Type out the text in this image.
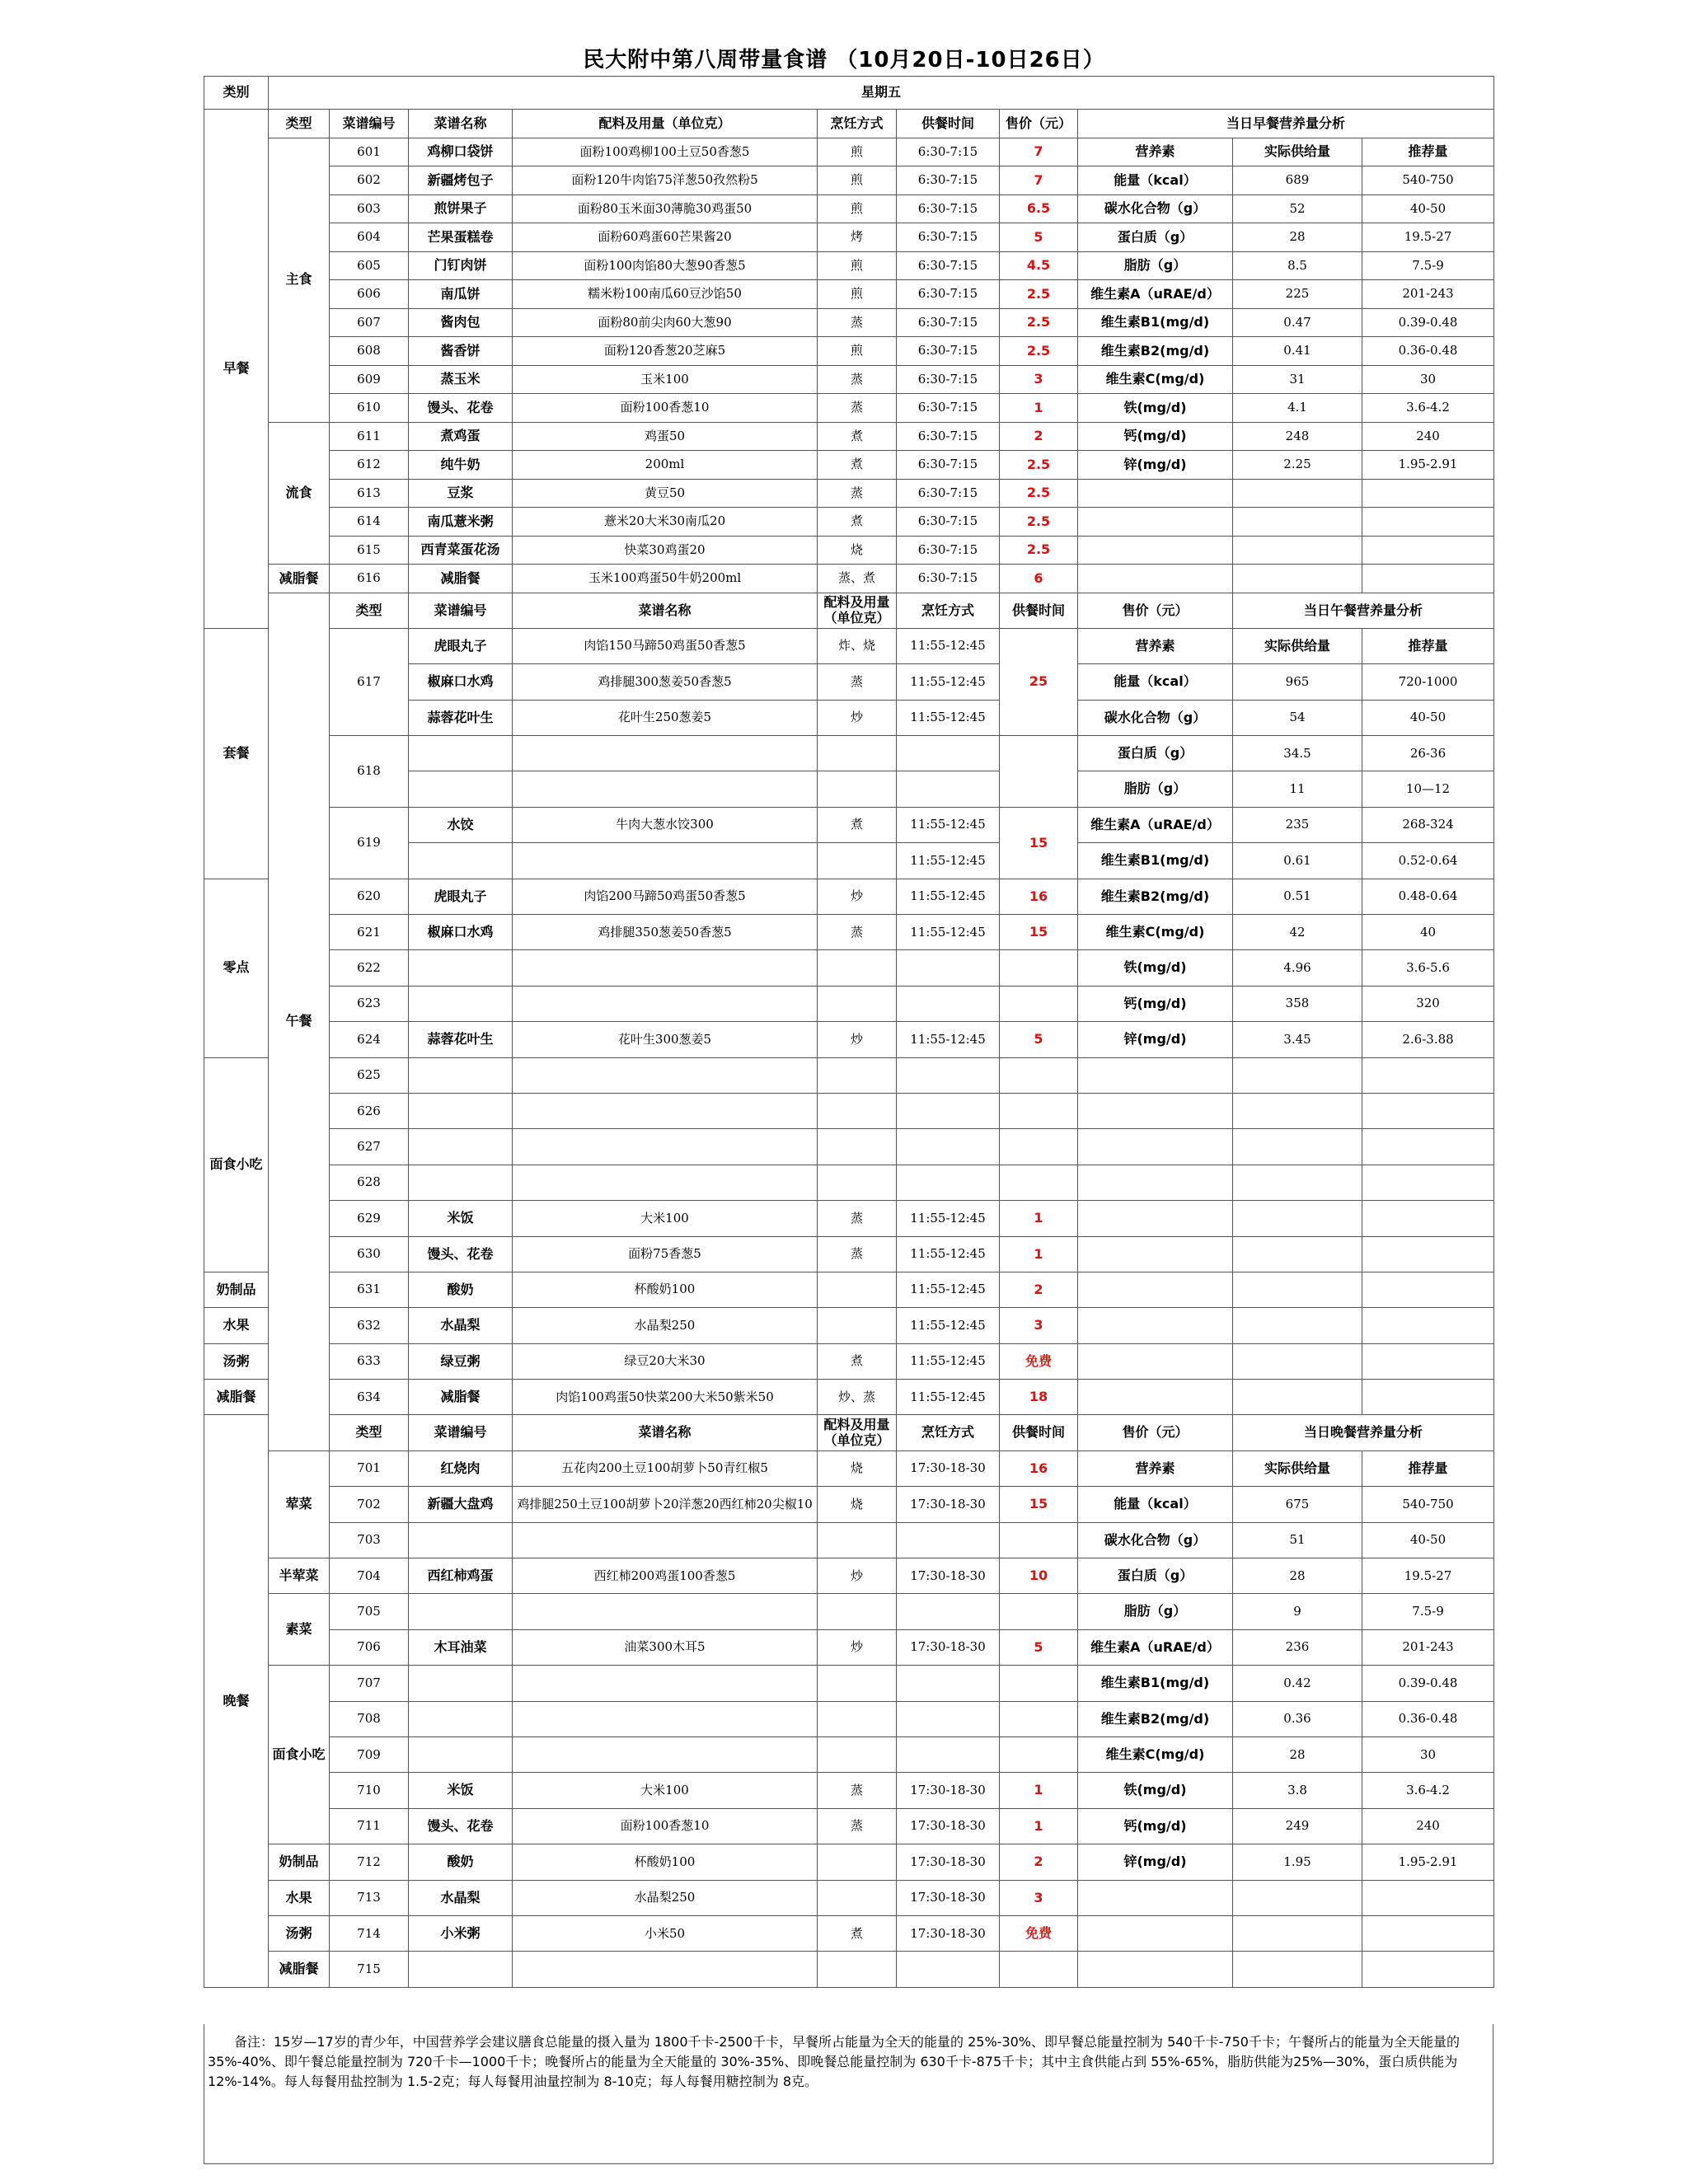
民大附中第八周带量食谱 （10月20日-10日26日）
类别	星期五									
早餐	类型	菜谱编号	菜谱名称	配料及用量（单位克）	烹饪方式	供餐时间	售价（元）	当日早餐营养量分析		
	主食	601	鸡柳口袋饼	面粉100鸡柳100土豆50香葱5	煎	6:30-7:15	7	营养素	实际供给量	推荐量
		602	新疆烤包子	面粉120牛肉馅75洋葱50孜然粉5	煎	6:30-7:15	7	能量（kcal）	689	540-750
		603	煎饼果子	面粉80玉米面30薄脆30鸡蛋50	煎	6:30-7:15	6.5	碳水化合物（g）	52	40-50
		604	芒果蛋糕卷	面粉60鸡蛋60芒果酱20	烤	6:30-7:15	5	蛋白质（g）	28	19.5-27
		605	门钉肉饼	面粉100肉馅80大葱90香葱5	煎	6:30-7:15	4.5	脂肪（g）	8.5	7.5-9
		606	南瓜饼	糯米粉100南瓜60豆沙馅50	煎	6:30-7:15	2.5	维生素A（uRAE/d）	225	201-243
		607	酱肉包	面粉80前尖肉60大葱90	蒸	6:30-7:15	2.5	维生素B1(mg/d)	0.47	0.39-0.48
		608	酱香饼	面粉120香葱20芝麻5	煎	6:30-7:15	2.5	维生素B2(mg/d)	0.41	0.36-0.48
		609	蒸玉米	玉米100	蒸	6:30-7:15	3	维生素C(mg/d)	31	30
		610	馒头、花卷	面粉100香葱10	蒸	6:30-7:15	1	铁(mg/d)	4.1	3.6-4.2
	流食	611	煮鸡蛋	鸡蛋50	煮	6:30-7:15	2	钙(mg/d)	248	240
		612	纯牛奶	200ml	煮	6:30-7:15	2.5	锌(mg/d)	2.25	1.95-2.91
		613	豆浆	黄豆50	蒸	6:30-7:15	2.5			
		614	南瓜薏米粥	薏米20大米30南瓜20	煮	6:30-7:15	2.5			
		615	西青菜蛋花汤	快菜30鸡蛋20	烧	6:30-7:15	2.5			
	减脂餐	616	减脂餐	玉米100鸡蛋50牛奶200ml	蒸、煮	6:30-7:15	6			
	午餐	类型	菜谱编号	菜谱名称	配料及用量（单位克）	烹饪方式	供餐时间	售价（元）	当日午餐营养量分析	
套餐		617	虎眼丸子	肉馅150马蹄50鸡蛋50香葱5	炸、烧	11:55-12:45	25	营养素	实际供给量	推荐量
			椒麻口水鸡	鸡排腿300葱姜50香葱5	蒸	11:55-12:45		能量（kcal）	965	720-1000
			蒜蓉花叶生	花叶生250葱姜5	炒	11:55-12:45		碳水化合物（g）	54	40-50
		618						蛋白质（g）	34.5	26-36
								脂肪（g）	11	10—12
		619	水饺	牛肉大葱水饺300	煮	11:55-12:45	15	维生素A（uRAE/d）	235	268-324
						11:55-12:45		维生素B1(mg/d)	0.61	0.52-0.64
零点		620	虎眼丸子	肉馅200马蹄50鸡蛋50香葱5	炒	11:55-12:45	16	维生素B2(mg/d)	0.51	0.48-0.64
		621	椒麻口水鸡	鸡排腿350葱姜50香葱5	蒸	11:55-12:45	15	维生素C(mg/d)	42	40
		622						铁(mg/d)	4.96	3.6-5.6
		623						钙(mg/d)	358	320
		624	蒜蓉花叶生	花叶生300葱姜5	炒	11:55-12:45	5	锌(mg/d)	3.45	2.6-3.88
面食小吃		625								
		626								
		627								
		628								
		629	米饭	大米100	蒸	11:55-12:45	1			
		630	馒头、花卷	面粉75香葱5	蒸	11:55-12:45	1			
奶制品		631	酸奶	杯酸奶100		11:55-12:45	2			
水果		632	水晶梨	水晶梨250		11:55-12:45	3			
汤粥		633	绿豆粥	绿豆20大米30	煮	11:55-12:45	免费			
减脂餐		634	减脂餐	肉馅100鸡蛋50快菜200大米50紫米50	炒、蒸	11:55-12:45	18			
晚餐		类型	菜谱编号	菜谱名称	配料及用量（单位克）	烹饪方式	供餐时间	售价（元）	当日晚餐营养量分析	
	荤菜	701	红烧肉	五花肉200土豆100胡萝卜50青红椒5	烧	17:30-18-30	16	营养素	实际供给量	推荐量
		702	新疆大盘鸡	鸡排腿250土豆100胡萝卜20洋葱20西红柿20尖椒10	烧	17:30-18-30	15	能量（kcal）	675	540-750
		703						碳水化合物（g）	51	40-50
	半荤菜	704	西红柿鸡蛋	西红柿200鸡蛋100香葱5	炒	17:30-18-30	10	蛋白质（g）	28	19.5-27
	素菜	705						脂肪（g）	9	7.5-9
		706	木耳油菜	油菜300木耳5	炒	17:30-18-30	5	维生素A（uRAE/d）	236	201-243
	面食小吃	707						维生素B1(mg/d)	0.42	0.39-0.48
		708						维生素B2(mg/d)	0.36	0.36-0.48
		709						维生素C(mg/d)	28	30
		710	米饭	大米100	蒸	17:30-18-30	1	铁(mg/d)	3.8	3.6-4.2
		711	馒头、花卷	面粉100香葱10	蒸	17:30-18-30	1	钙(mg/d)	249	240
	奶制品	712	酸奶	杯酸奶100		17:30-18-30	2	锌(mg/d)	1.95	1.95-2.91
	水果	713	水晶梨	水晶梨250		17:30-18-30	3			
	汤粥	714	小米粥	小米50	煮	17:30-18-30	免费			
	减脂餐	715								
备注：15岁—17岁的青少年，中国营养学会建议膳食总能量的摄入量为 1800千卡-2500千卡，早餐所占能量为全天的能量的 25%-30%、即早餐总能量控制为 540千卡-750千卡；午餐所占的能量为全天能量的35%-40%、即午餐总能量控制为 720千卡—1000千卡；晚餐所占的能量为全天能量的 30%-35%、即晚餐总能量控制为 630千卡-875千卡；其中主食供能占到 55%-65%，脂肪供能为25%—30%，蛋白质供能为12%-14%。每人每餐用盐控制为 1.5-2克；每人每餐用油量控制为 8-10克；每人每餐用糖控制为 8克。
